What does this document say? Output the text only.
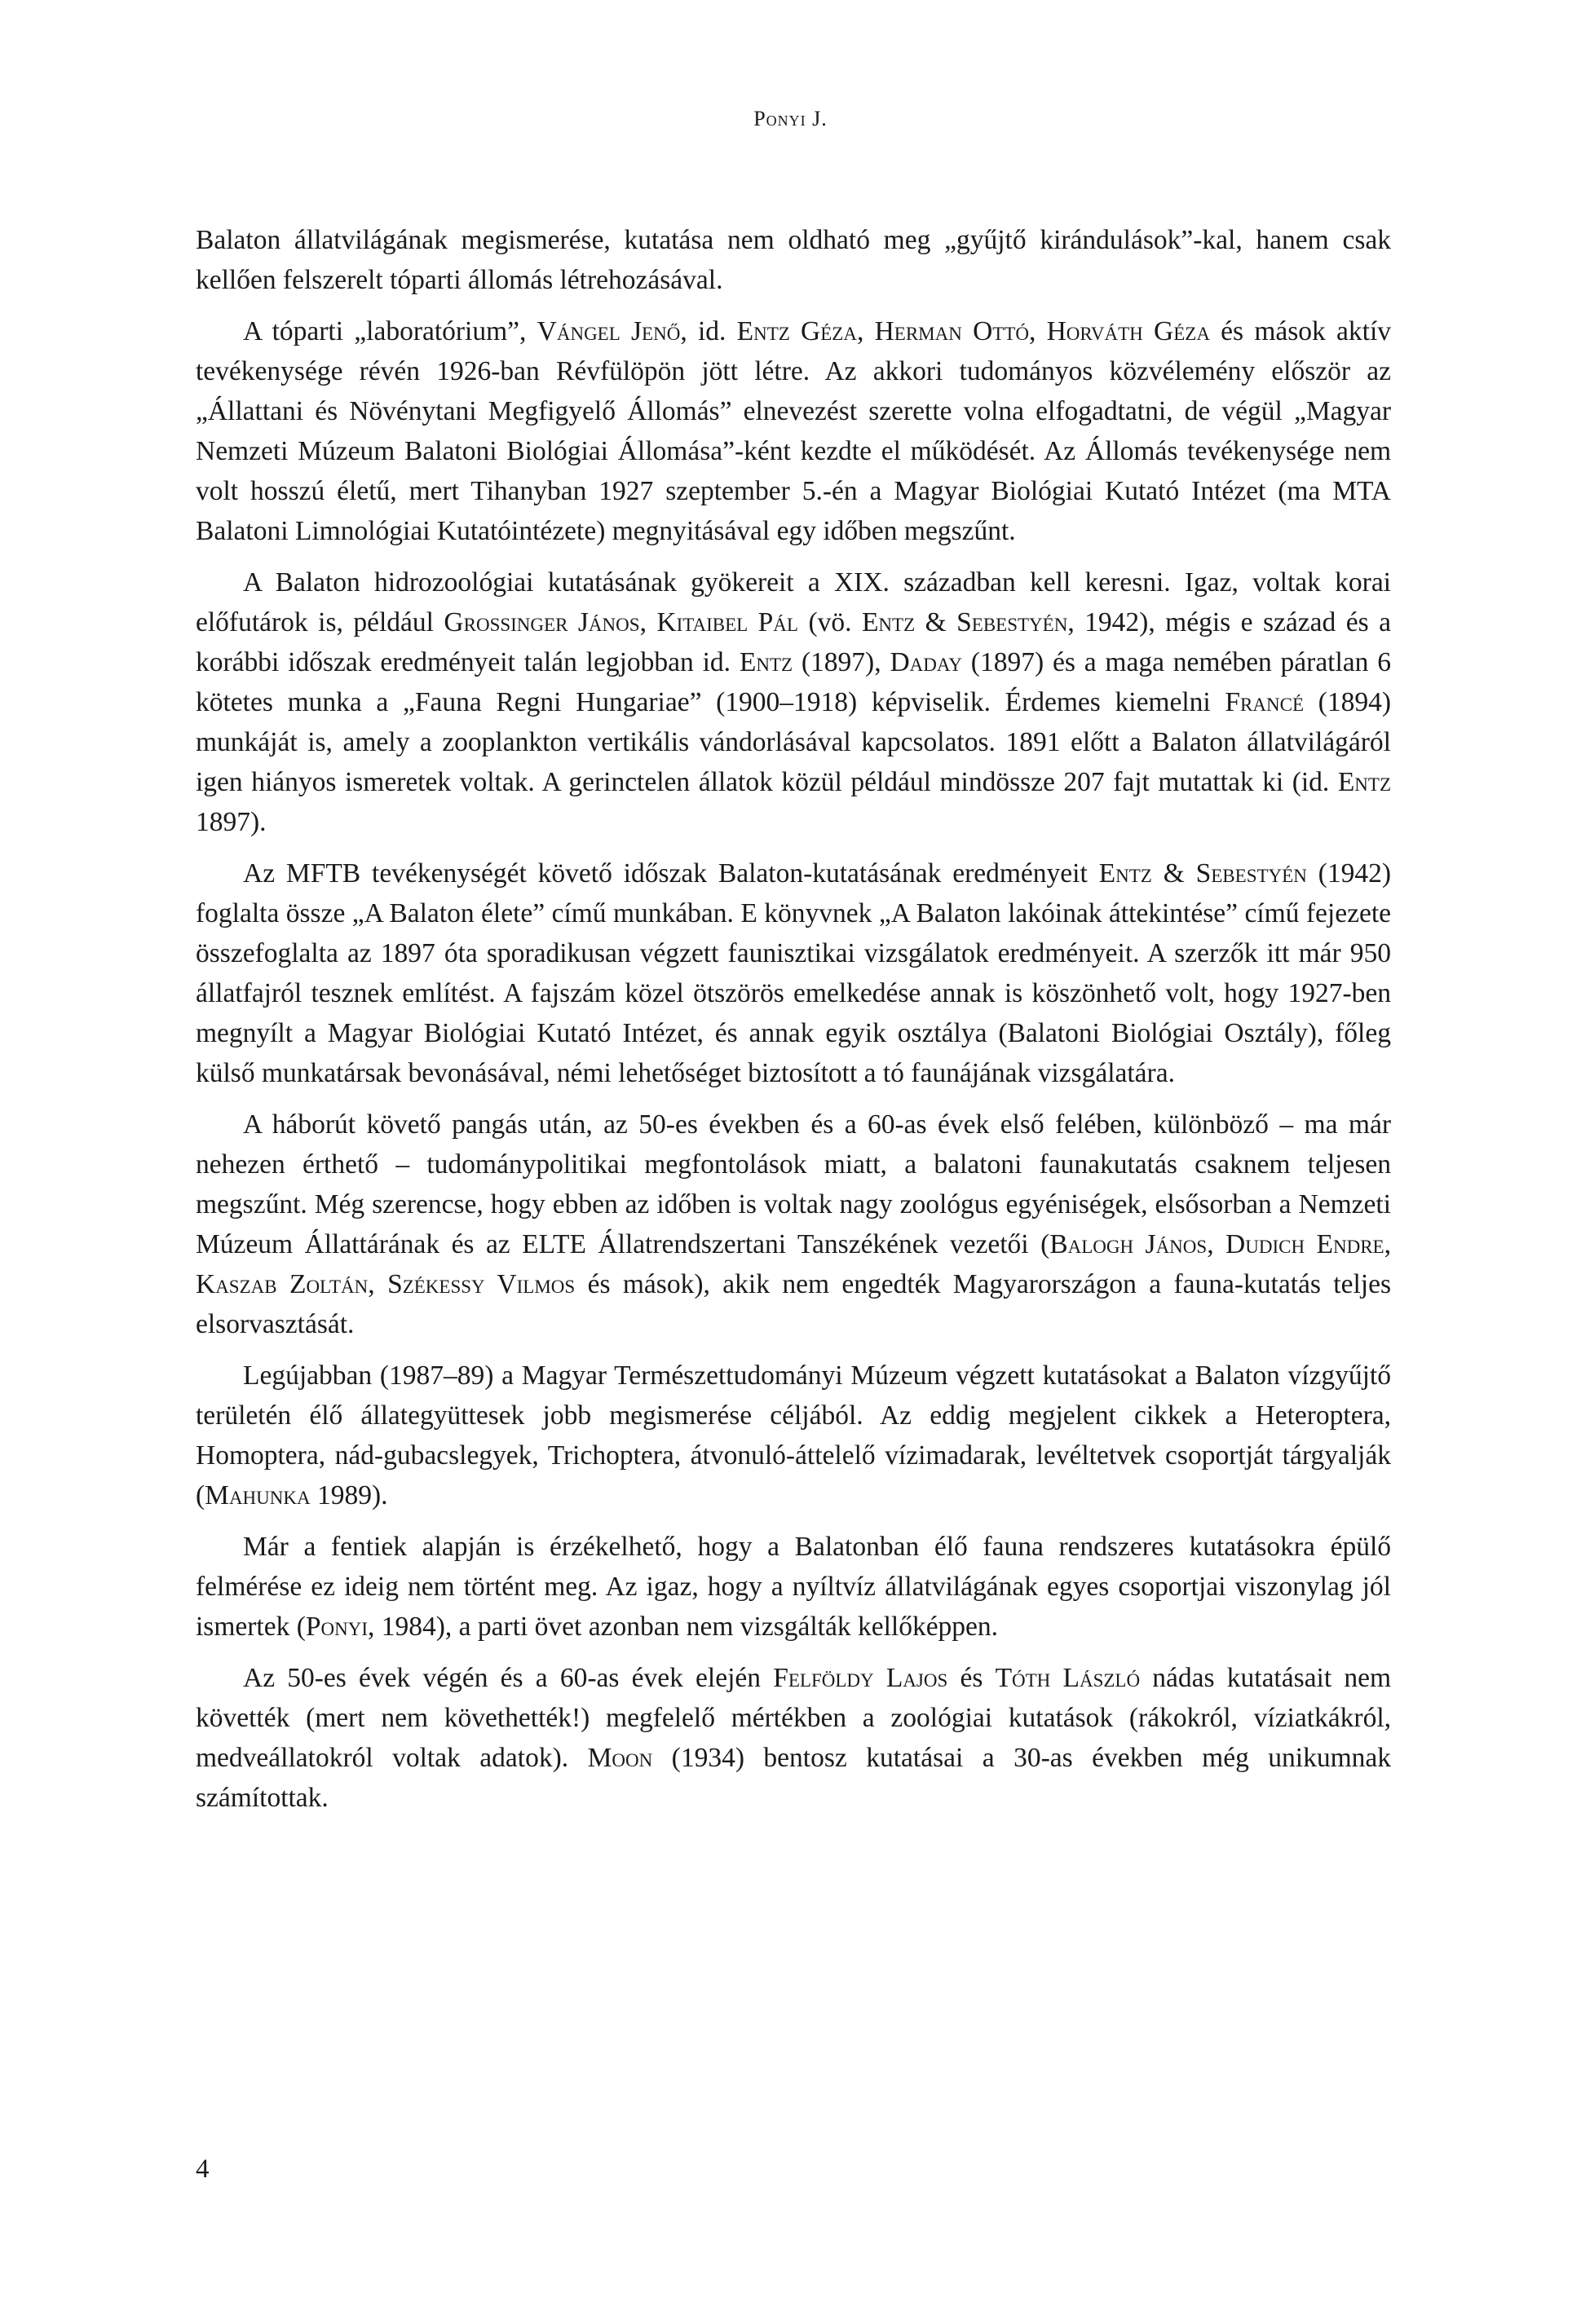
Ponyi J.

Balaton állatvilágának megismerése, kutatása nem oldható meg „gyűjtő kirándulások”-kal, hanem csak kellően felszerelt tóparti állomás létrehozásával.

A tóparti „laboratórium”, Vángel Jenő, id. Entz Géza, Herman Ottó, Horváth Géza és mások aktív tevékenysége révén 1926-ban Révfülöpön jött létre. Az akkori tudományos közvélemény először az „Állattani és Növénytani Megfigyelő Állomás” elnevezést szerette volna elfogadtatni, de végül „Magyar Nemzeti Múzeum Balatoni Biológiai Állomása”-ként kezdte el működését. Az Állomás tevékenysége nem volt hosszú életű, mert Tihanyban 1927 szeptember 5.-én a Magyar Biológiai Kutató Intézet (ma MTA Balatoni Limnológiai Kutatóintézete) megnyitásával egy időben megszűnt.

A Balaton hidrozoológiai kutatásának gyökereit a XIX. században kell keresni. Igaz, voltak korai előfutárok is, például Grossinger János, Kitaibel Pál (vö. Entz & Sebestyén, 1942), mégis e század és a korábbi időszak eredményeit talán legjobban id. Entz (1897), Daday (1897) és a maga nemében páratlan 6 kötetes munka a „Fauna Regni Hungariae” (1900–1918) képviselik. Érdemes kiemelni Francé (1894) munkáját is, amely a zooplankton vertikális vándorlásával kapcsolatos. 1891 előtt a Balaton állatvilágáról igen hiányos ismeretek voltak. A gerinctelen állatok közül például mindössze 207 fajt mutattak ki (id. Entz 1897).

Az MFTB tevékenységét követő időszak Balaton-kutatásának eredményeit Entz & Sebestyén (1942) foglalta össze „A Balaton élete” című munkában. E könyvnek „A Balaton lakóinak áttekintése” című fejezete összefoglalta az 1897 óta sporadikusan végzett faunisztikai vizsgálatok eredményeit. A szerzők itt már 950 állatfajról tesznek említést. A fajszám közel ötszörös emelkedése annak is köszönhető volt, hogy 1927-ben megnyílt a Magyar Biológiai Kutató Intézet, és annak egyik osztálya (Balatoni Biológiai Osztály), főleg külső munkatársak bevonásával, némi lehetőséget biztosított a tó faunájának vizsgálatára.

A háborút követő pangás után, az 50-es években és a 60-as évek első felében, különböző – ma már nehezen érthető – tudománypolitikai megfontolások miatt, a balatoni faunakutatás csaknem teljesen megszűnt. Még szerencse, hogy ebben az időben is voltak nagy zoológus egyéniségek, elsősorban a Nemzeti Múzeum Állattárának és az ELTE Állatrendszertani Tanszékének vezetői (Balogh János, Dudich Endre, Kaszab Zoltán, Székessy Vilmos és mások), akik nem engedték Magyarországon a fauna-kutatás teljes elsorvasztását.

Legújabban (1987–89) a Magyar Természettudományi Múzeum végzett kutatásokat a Balaton vízgyűjtő területén élő állategyüttesek jobb megismerése céljából. Az eddig megjelent cikkek a Heteroptera, Homoptera, nád-gubacslegyek, Trichoptera, átvonuló-áttelelő vízimadarak, levéltetvek csoportját tárgyalják (Mahunka 1989).

Már a fentiek alapján is érzékelhető, hogy a Balatonban élő fauna rendszeres kutatásokra épülő felmérése ez ideig nem történt meg. Az igaz, hogy a nyíltvíz állatvilágának egyes csoportjai viszonylag jól ismertek (Ponyi, 1984), a parti övet azonban nem vizsgálták kellőképpen.

Az 50-es évek végén és a 60-as évek elején Felföldy Lajos és Tóth László nádas kutatásait nem követték (mert nem követhették!) megfelelő mértékben a zoológiai kutatások (rákokról, víziatkákról, medveállatokról voltak adatok). Moon (1934) bentosz kutatásai a 30-as években még unikumnak számítottak.

4
